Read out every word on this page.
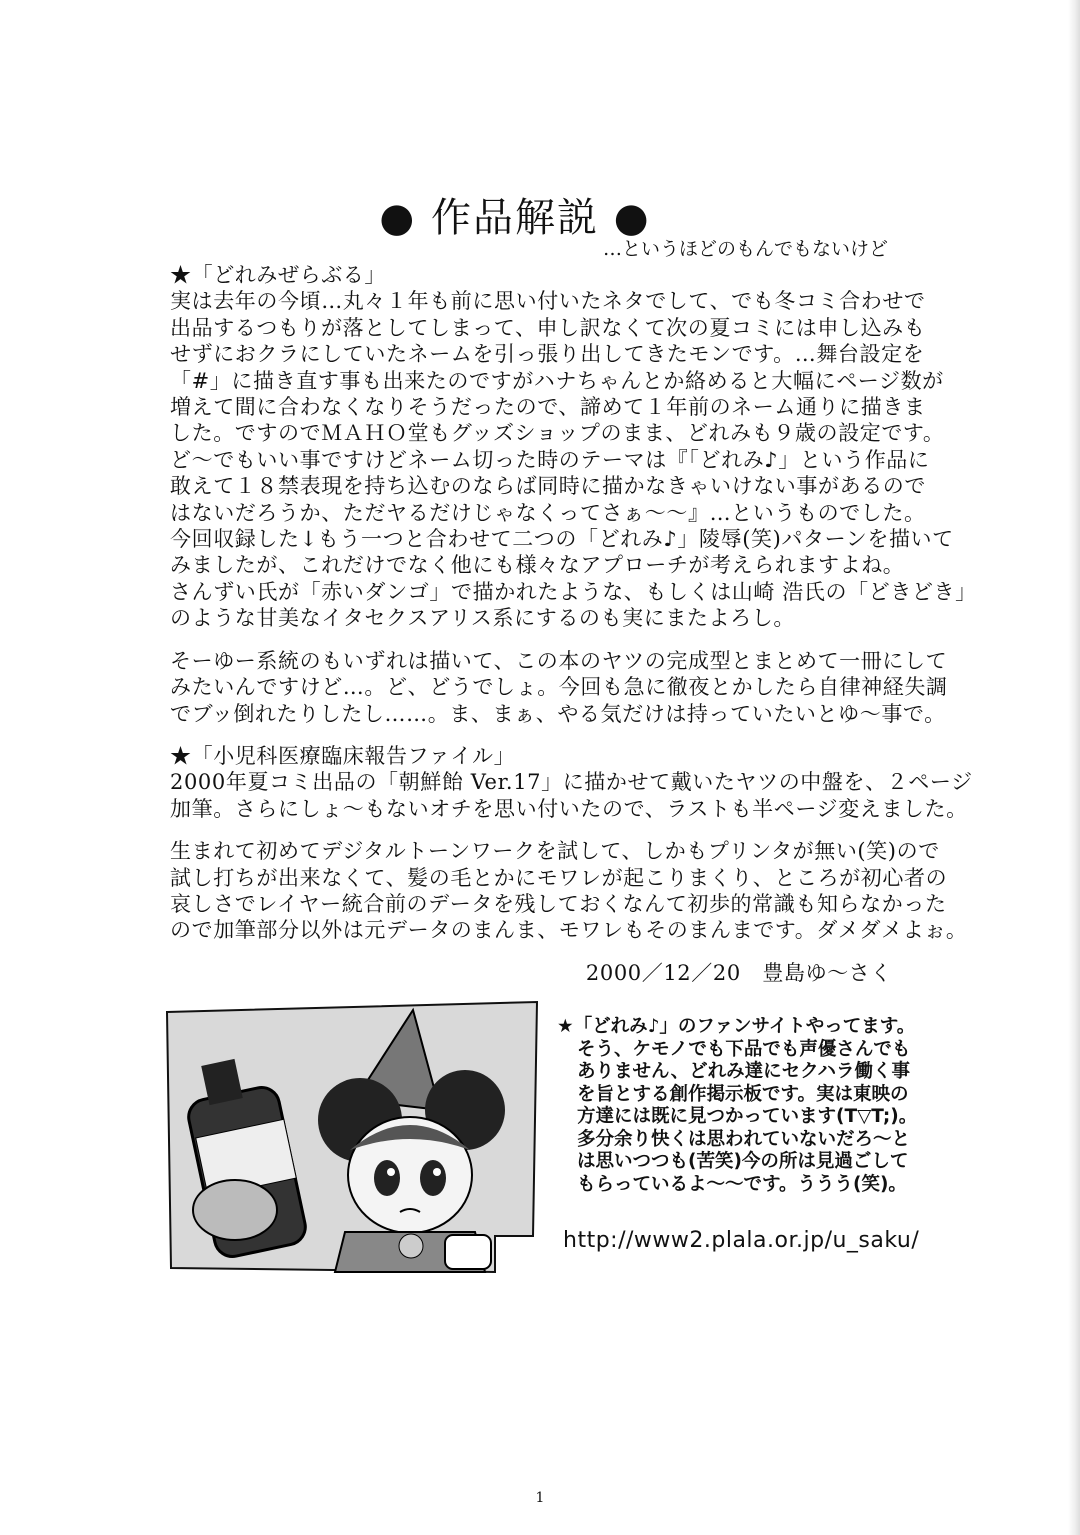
● 作品解説 ●
…というほどのもんでもないけど
★「どれみぜらぶる」
実は去年の今頃…丸々１年も前に思い付いたネタでして、でも冬コミ合わせで
出品するつもりが落としてしまって、申し訳なくて次の夏コミには申し込みも
せずにおクラにしていたネームを引っ張り出してきたモンです。…舞台設定を
「#」に描き直す事も出来たのですがハナちゃんとか絡めると大幅にページ数が
増えて間に合わなくなりそうだったので、諦めて１年前のネーム通りに描きま
した。ですのでＭＡＨＯ堂もグッズショップのまま、どれみも９歳の設定です。
ど～でもいい事ですけどネーム切った時のテーマは『「どれみ♪」という作品に
敢えて１８禁表現を持ち込むのならば同時に描かなきゃいけない事があるので
はないだろうか、ただヤるだけじゃなくってさぁ～～』…というものでした。
今回収録した↓もう一つと合わせて二つの「どれみ♪」陵辱(笑)パターンを描いて
みましたが、これだけでなく他にも様々なアプローチが考えられますよね。
さんずい氏が「赤いダンゴ」で描かれたような、もしくは山崎 浩氏の「どきどき」
のような甘美なイタセクスアリス系にするのも実にまたよろし。
そーゆー系統のもいずれは描いて、この本のヤツの完成型とまとめて一冊にして
みたいんですけど…。ど、どうでしょ。今回も急に徹夜とかしたら自律神経失調
でブッ倒れたりしたし……。ま、まぁ、やる気だけは持っていたいとゆ～事で。
★「小児科医療臨床報告ファイル」
2000年夏コミ出品の「朝鮮飴 Ver.17」に描かせて戴いたヤツの中盤を、２ページ
加筆。さらにしょ～もないオチを思い付いたので、ラストも半ページ変えました。
生まれて初めてデジタルトーンワークを試して、しかもプリンタが無い(笑)ので
試し打ちが出来なくて、髪の毛とかにモワレが起こりまくり、ところが初心者の
哀しさでレイヤー統合前のデータを残しておくなんて初歩的常識も知らなかった
ので加筆部分以外は元データのまんま、モワレもそのまんまです。ダメダメよぉ。
2000／12／20　豊島ゆ～さく
★「どれみ♪」のファンサイトやってます。
そう、ケモノでも下品でも声優さんでも
ありません、どれみ達にセクハラ働く事
を旨とする創作掲示板です。実は東映の
方達には既に見つかっています(T▽T;)。
多分余り快くは思われていないだろ～と
は思いつつも(苦笑)今の所は見過ごして
もらっているよ～～です。ううう(笑)。
http://www2.plala.or.jp/u_saku/
1
